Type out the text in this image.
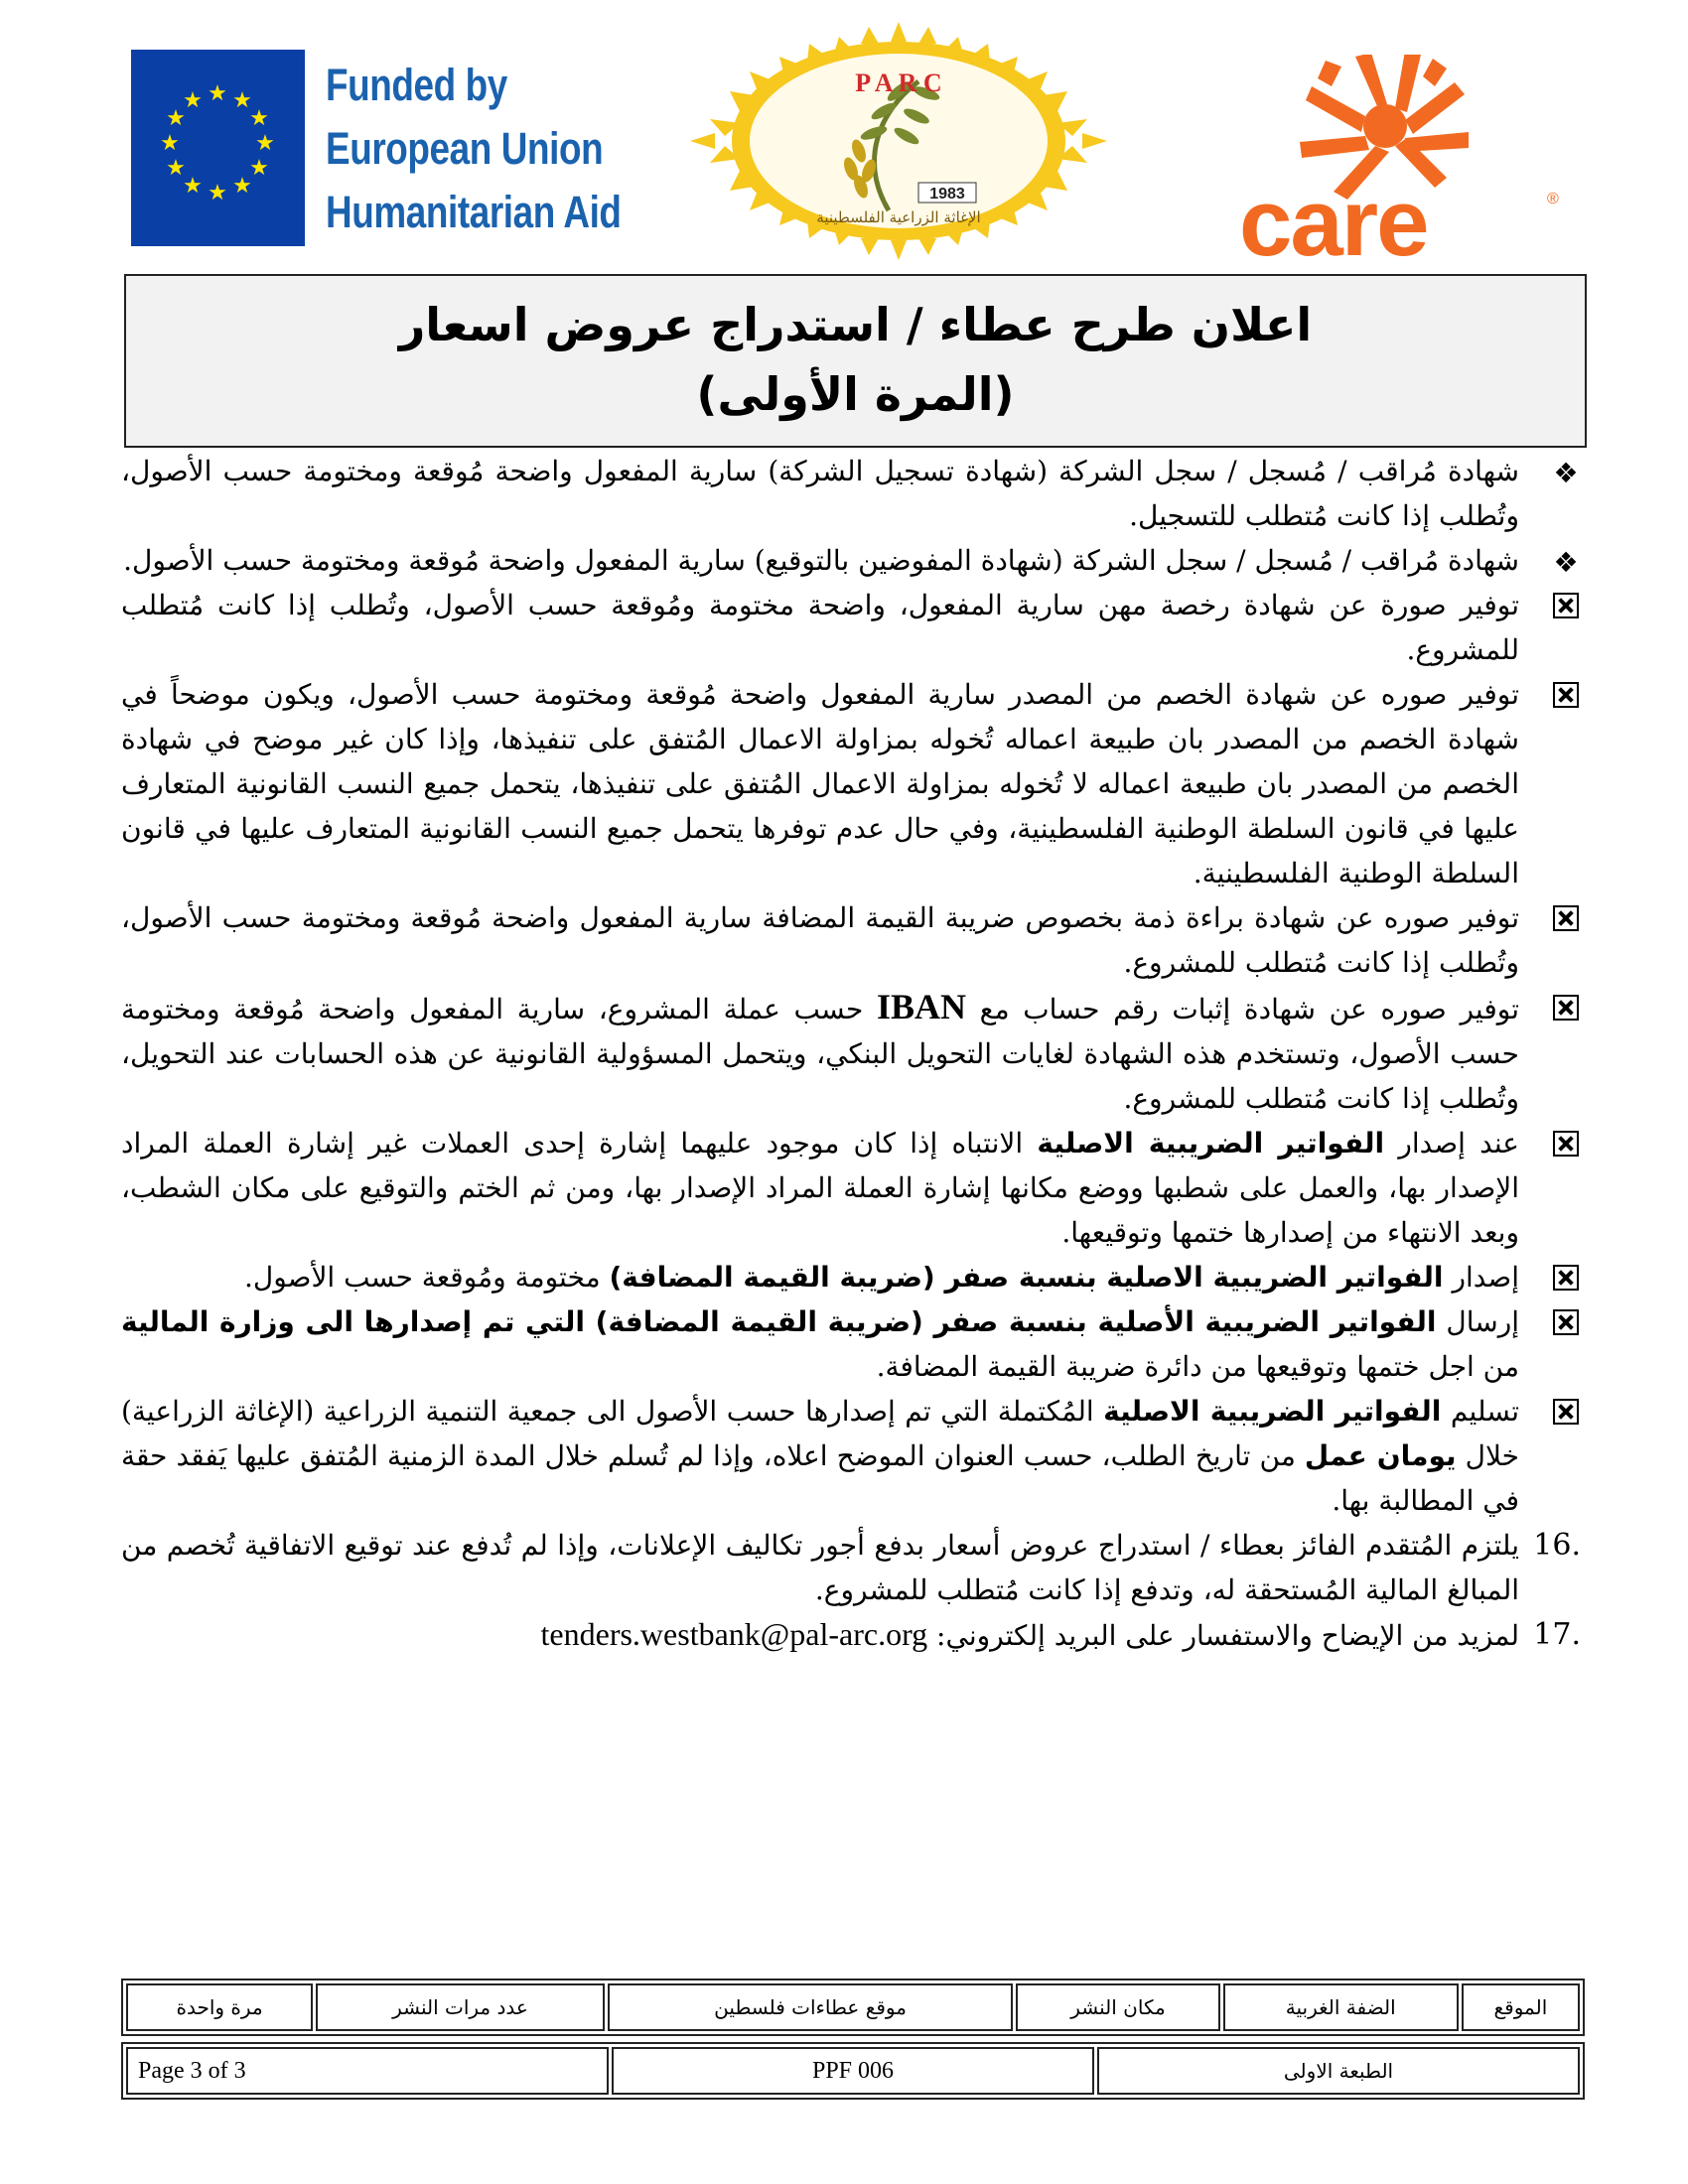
★ ★
★
★
★
★
★
★
★
★
★
★	Funded by
European Union
Humanitarian Aid
P A R C
1983
الإغاثة الزراعية الفلسطينية	care	®
اعلان طرح عطاء / استدراج عروض اسعار
(المرة الأولى)
❖
شهادة مُراقب / مُسجل / سجل الشركة (شهادة تسجيل الشركة) سارية المفعول واضحة مُوقعة ومختومة حسب الأصول، وتُطلب إذا كانت مُتطلب للتسجيل.
❖
شهادة مُراقب / مُسجل / سجل الشركة (شهادة المفوضين بالتوقيع) سارية المفعول واضحة مُوقعة ومختومة حسب الأصول.
توفير صورة عن شهادة رخصة مهن سارية المفعول، واضحة مختومة ومُوقعة حسب الأصول، وتُطلب إذا كانت مُتطلب للمشروع.
توفير صوره عن شهادة الخصم من المصدر سارية المفعول واضحة مُوقعة ومختومة حسب الأصول، ويكون موضحاً في شهادة الخصم من المصدر بان طبيعة اعماله تُخوله بمزاولة الاعمال المُتفق على تنفيذها، وإذا كان غير موضح في شهادة الخصم من المصدر بان طبيعة اعماله لا تُخوله بمزاولة الاعمال المُتفق على تنفيذها، يتحمل جميع النسب القانونية المتعارف عليها في قانون السلطة الوطنية الفلسطينية، وفي حال عدم توفرها يتحمل جميع النسب القانونية المتعارف عليها في قانون السلطة الوطنية الفلسطينية.
توفير صوره عن شهادة براءة ذمة بخصوص ضريبة القيمة المضافة سارية المفعول واضحة مُوقعة ومختومة حسب الأصول، وتُطلب إذا كانت مُتطلب للمشروع.
توفير صوره عن شهادة إثبات رقم حساب مع IBAN حسب عملة المشروع، سارية المفعول واضحة مُوقعة ومختومة حسب الأصول، وتستخدم هذه الشهادة لغايات التحويل البنكي، ويتحمل المسؤولية القانونية عن هذه الحسابات عند التحويل، وتُطلب إذا كانت مُتطلب للمشروع.
عند إصدار الفواتير الضريبية الاصلية الانتباه إذا كان موجود عليهما إشارة إحدى العملات غير إشارة العملة المراد الإصدار بها، والعمل على شطبها ووضع مكانها إشارة العملة المراد الإصدار بها، ومن ثم الختم والتوقيع على مكان الشطب، وبعد الانتهاء من إصدارها ختمها وتوقيعها.
إصدار الفواتير الضريبية الاصلية بنسبة صفر (ضريبة القيمة المضافة) مختومة ومُوقعة حسب الأصول.
إرسال الفواتير الضريبية الأصلية بنسبة صفر (ضريبة القيمة المضافة) التي تم إصدارها الى وزارة المالية من اجل ختمها وتوقيعها من دائرة ضريبة القيمة المضافة.
تسليم الفواتير الضريبية الاصلية المُكتملة التي تم إصدارها حسب الأصول الى جمعية التنمية الزراعية (الإغاثة الزراعية) خلال يومان عمل من تاريخ الطلب، حسب العنوان الموضح اعلاه، وإذا لم تُسلم خلال المدة الزمنية المُتفق عليها يَفقد حقة في المطالبة بها.
16.
يلتزم المُتقدم الفائز بعطاء / استدراج عروض أسعار بدفع أجور تكاليف الإعلانات، وإذا لم تُدفع عند توقيع الاتفاقية تُخصم من المبالغ المالية المُستحقة له، وتدفع إذا كانت مُتطلب للمشروع.
17.
لمزيد من الإيضاح والاستفسار على البريد إلكتروني: tenders.westbank@pal-arc.org
الموقع	الضفة الغربية	مكان النشر	موقع عطاءات فلسطين	عدد مرات النشر	مرة واحدة
الطبعة الاولى	PPF 006	Page 3 of 3
